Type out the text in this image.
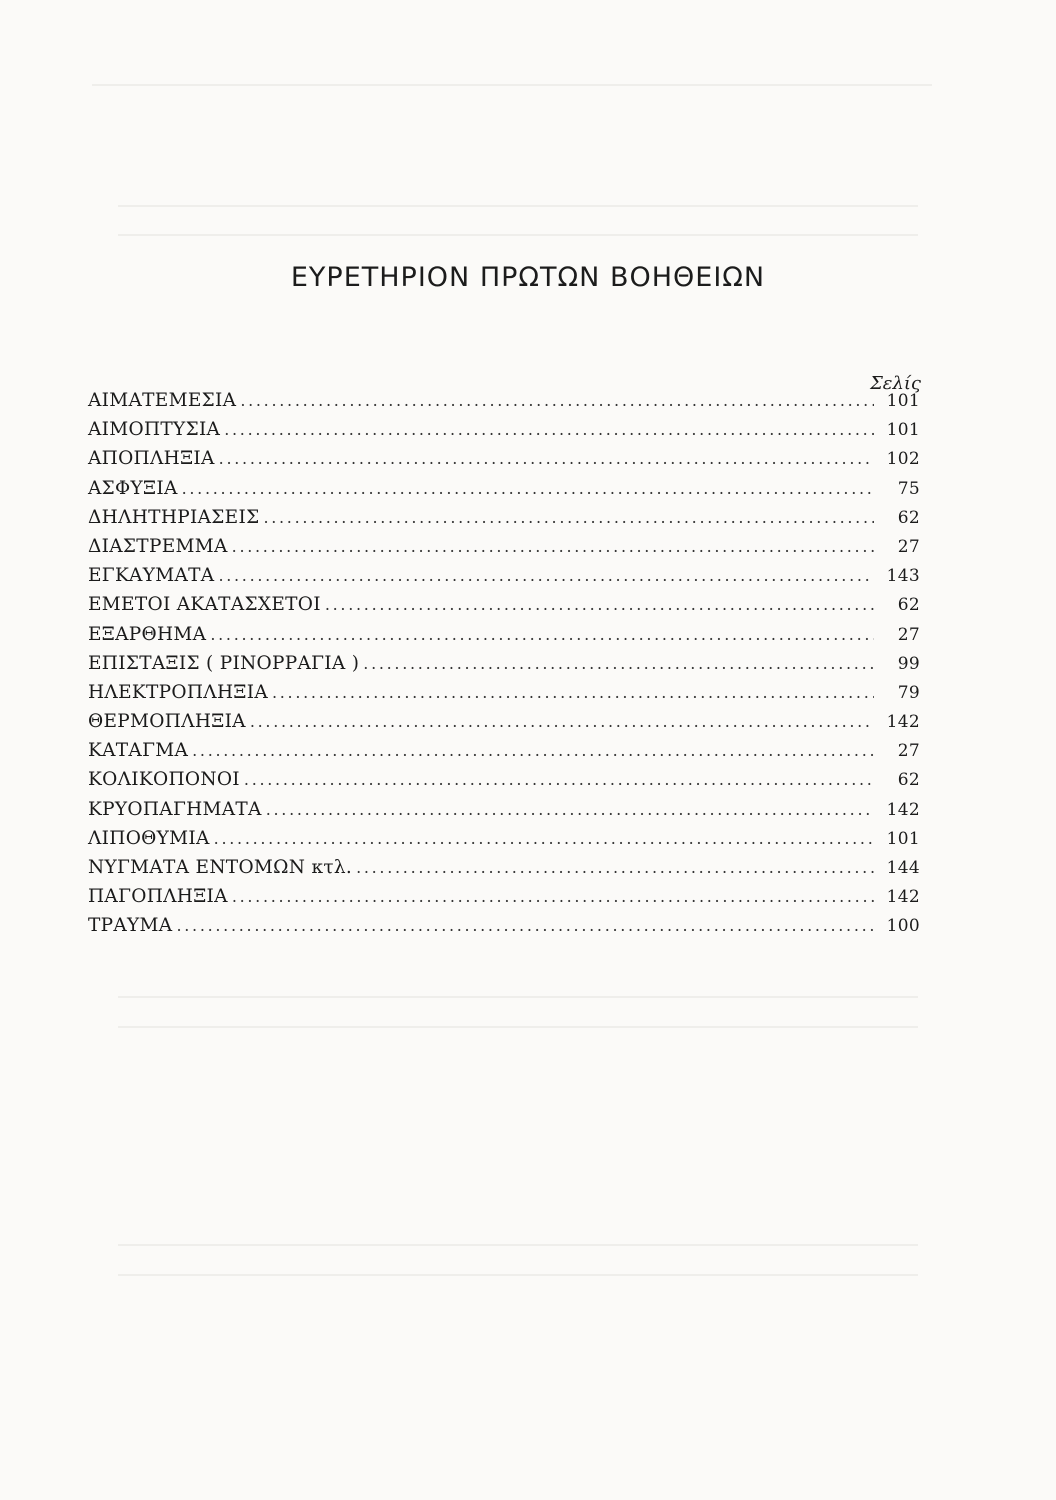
ΕΥΡΕΤΗΡΙΟΝ ΠΡΩΤΩΝ ΒΟΗΘΕΙΩΝ
Σελίς
ΑΙΜΑΤΕΜΕΣΙΑ .....	101
ΑΙΜΟΠΤΥΣΙΑ .....	101
ΑΠΟΠΛΗΞΙΑ .....	102
ΑΣΦΥΞΙΑ .....	75
ΔΗΛΗΤΗΡΙΑΣΕΙΣ .....	62
ΔΙΑΣΤΡΕΜΜΑ .....	27
ΕΓΚΑΥΜΑΤΑ .....	143
ΕΜΕΤΟΙ ΑΚΑΤΑΣΧΕΤΟΙ .....	62
ΕΞΑΡΘΗΜΑ .....	27
ΕΠΙΣΤΑΞΙΣ ( ΡΙΝΟΡΡΑΓΙΑ ) .....	99
ΗΛΕΚΤΡΟΠΛΗΞΙΑ .....	79
ΘΕΡΜΟΠΛΗΞΙΑ .....	142
ΚΑΤΑΓΜΑ .....	27
ΚΟΛΙΚΟΠΟΝΟΙ .....	62
ΚΡΥΟΠΑΓΗΜΑΤΑ .....	142
ΛΙΠΟΘΥΜΙΑ .....	101
ΝΥΓΜΑΤΑ ΕΝΤΟΜΩΝ κτλ. .....	144
ΠΑΓΟΠΛΗΞΙΑ .....	142
ΤΡΑΥΜΑ .....	100
